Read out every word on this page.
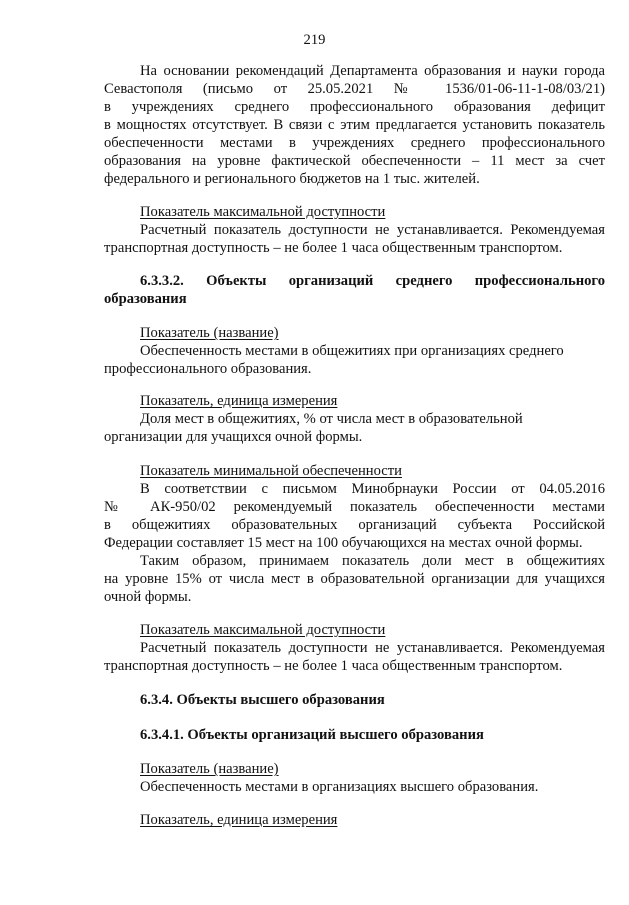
219
На основании рекомендаций Департамента образования и науки города
Севастополя (письмо от 25.05.2021 № 1536/01-06-11-1-08/03/21)
в учреждениях среднего профессионального образования дефицит
в мощностях отсутствует. В связи с этим предлагается установить показатель
обеспеченности местами в учреждениях среднего профессионального
образования на уровне фактической обеспеченности – 11 мест за счет
федерального и регионального бюджетов на 1 тыс. жителей.
Показатель максимальной доступности
Расчетный показатель доступности не устанавливается. Рекомендуемая
транспортная доступность – не более 1 часа общественным транспортом.
6.3.3.2. Объекты организаций среднего профессионального
образования
Показатель (название)
Обеспеченность местами в общежитиях при организациях среднего
профессионального образования.
Показатель, единица измерения
Доля мест в общежитиях, % от числа мест в образовательной
организации для учащихся очной формы.
Показатель минимальной обеспеченности
В соответствии с письмом Минобрнауки России от 04.05.2016
№ АК-950/02 рекомендуемый показатель обеспеченности местами
в общежитиях образовательных организаций субъекта Российской
Федерации составляет 15 мест на 100 обучающихся на местах очной формы.
Таким образом, принимаем показатель доли мест в общежитиях
на уровне 15% от числа мест в образовательной организации для учащихся
очной формы.
Показатель максимальной доступности
Расчетный показатель доступности не устанавливается. Рекомендуемая
транспортная доступность – не более 1 часа общественным транспортом.
6.3.4. Объекты высшего образования
6.3.4.1. Объекты организаций высшего образования
Показатель (название)
Обеспеченность местами в организациях высшего образования.
Показатель, единица измерения
